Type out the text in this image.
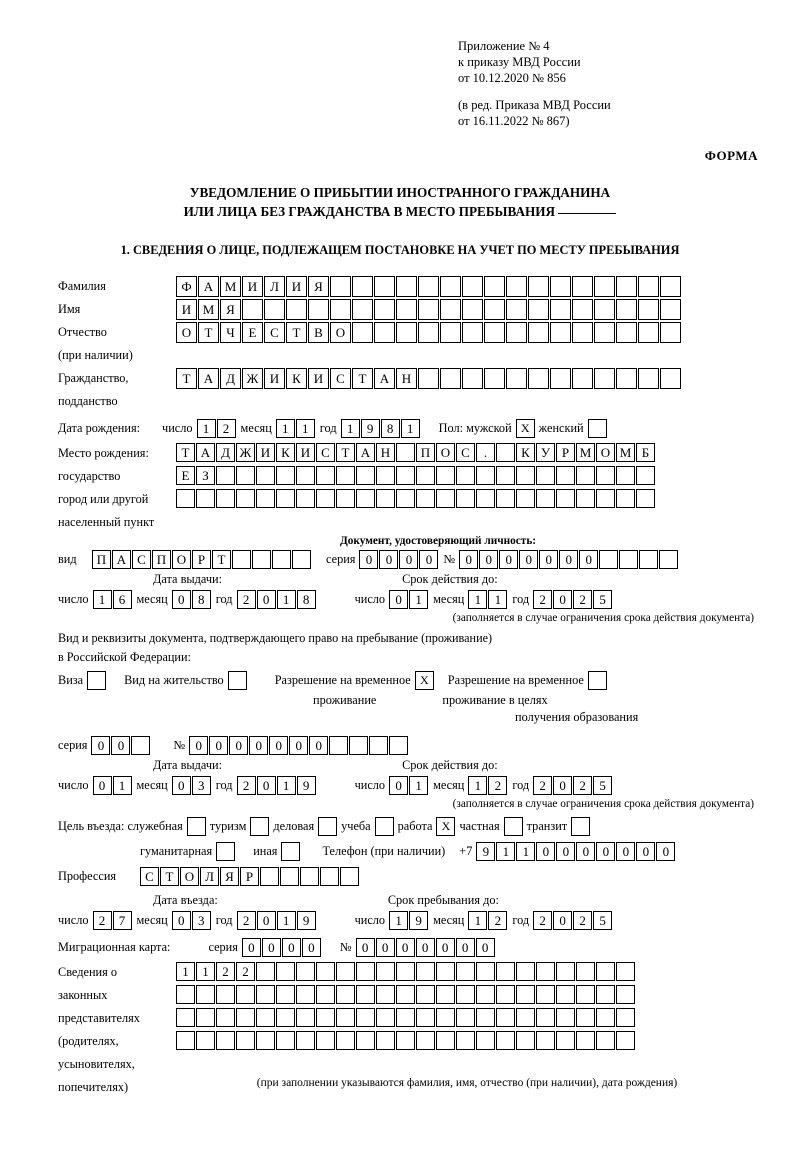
Приложение № 4
к приказу МВД России
от 10.12.2020 № 856
(в ред. Приказа МВД России
от 16.11.2022 № 867)
ФОРМА
УВЕДОМЛЕНИЕ О ПРИБЫТИИ ИНОСТРАННОГО ГРАЖДАНИНА
ИЛИ ЛИЦА БЕЗ ГРАЖДАНСТВА В МЕСТО ПРЕБЫВАНИЯ
1. СВЕДЕНИЯ О ЛИЦЕ, ПОДЛЕЖАЩЕМ ПОСТАНОВКЕ НА УЧЕТ ПО МЕСТУ ПРЕБЫВАНИЯ
Фамилия	Ф А М И Л И Я
Имя	И М Я
Отчество	О	Т	Ч	Е	С	Т	В О
(при наличии)
Гражданство,	Т	А Д Ж И К И С	Т	А Н
подданство
Дата рождения: число 1	2 месяц 1	1 год 1	9	8	1	Пол: мужской Х женский
Место рождения:	Т А Д Ж И К И С Т А Н	П О С	.	К У Р М О М Б
государство	Е З
город или другой
населенный пункт
Документ, удостоверяющий личность:
вид	П А С П О Р Т	серия 0	0	0	0 № 0	0	0	0	0	0	0
Дата выдачи:	Срок действия до:
число 1	6 месяц 0	8 год 2	0	1	8	число 0	1 месяц 1	1 год 2	0	2	5
(заполняется в случае ограничения срока действия документа)
Вид и реквизиты документа, подтверждающего право на пребывание (проживание)
в Российской Федерации:
Виза	Вид на жительство	Разрешение на временное Х	Разрешение на временное
проживание	проживание в целях
получения образования
серия 0	0	№ 0	0	0	0	0	0	0
Дата выдачи:	Срок действия до:
число 0	1 месяц 0	3 год 2	0	1	9	число 0	1 месяц 1	2 год 2	0	2	5
(заполняется в случае ограничения срока действия документа)
Цель въезда: служебная туризм деловая учеба работа Х частная транзит
гуманитарная	иная	Телефон (при наличии) +7 9	1	1	0	0	0	0	0	0	0
Профессия	С Т О Л Я Р
Дата въезда:	Срок пребывания до:
число 2	7 месяц 0	3 год 2	0	1	9	число 1	9 месяц 1	2 год 2	0	2	5
Миграционная карта:	серия 0	0	0	0	№ 0	0	0	0	0	0	0
Сведения о	1	1	2	2
законных
представителях
(родителях,
усыновителях,
попечителях)	(при заполнении указываются фамилия, имя, отчество (при наличии), дата рождения)
